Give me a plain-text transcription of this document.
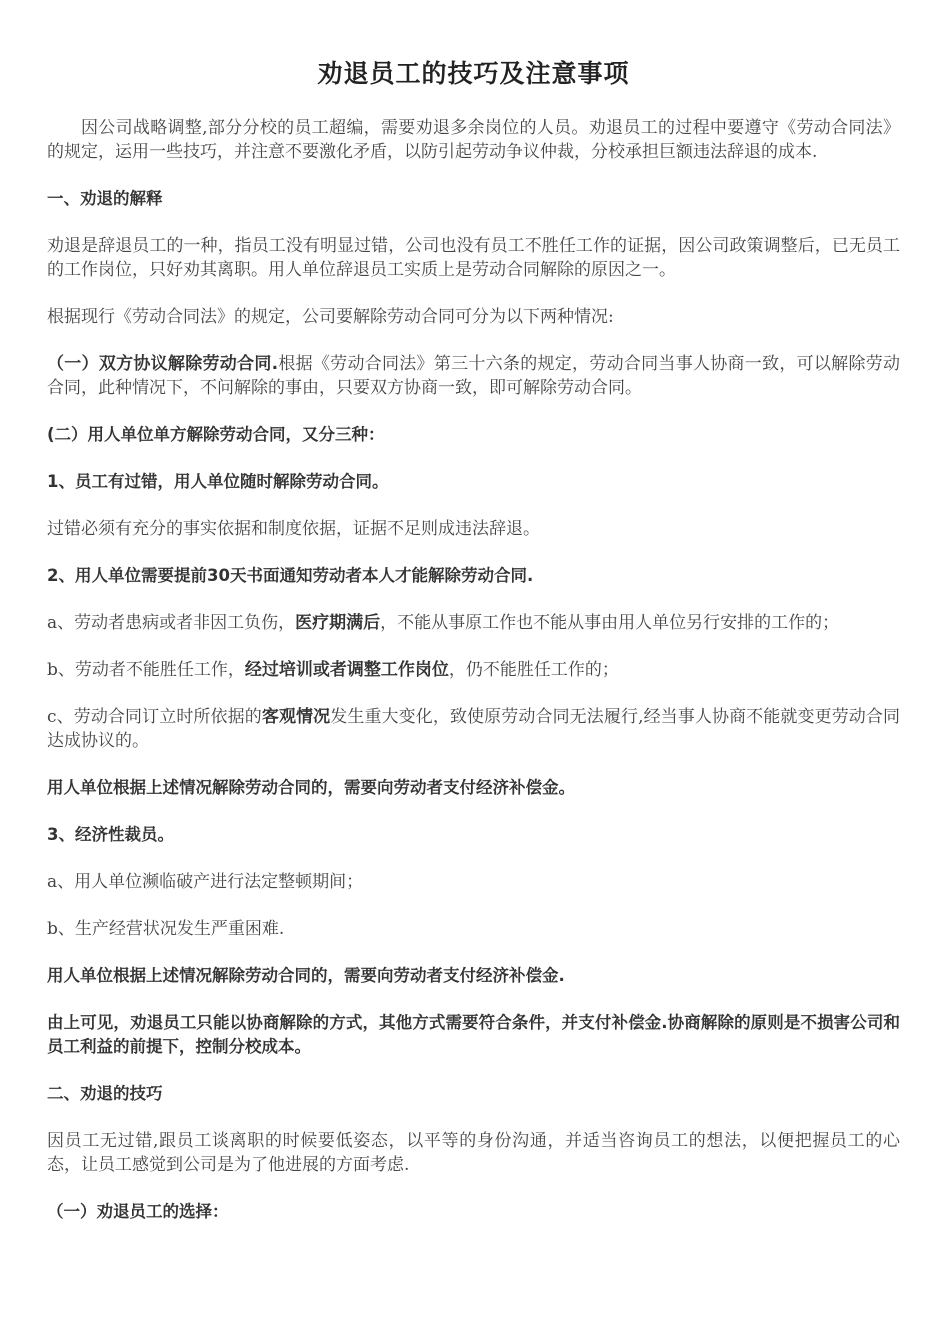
劝退员工的技巧及注意事项

因公司战略调整,部分分校的员工超编，需要劝退多余岗位的人员。劝退员工的过程中要遵守《劳动合同法》的规定，运用一些技巧，并注意不要激化矛盾，以防引起劳动争议仲裁，分校承担巨额违法辞退的成本.

一、劝退的解释

劝退是辞退员工的一种，指员工没有明显过错，公司也没有员工不胜任工作的证据，因公司政策调整后，已无员工的工作岗位，只好劝其离职。用人单位辞退员工实质上是劳动合同解除的原因之一。

根据现行《劳动合同法》的规定，公司要解除劳动合同可分为以下两种情况:

（一）双方协议解除劳动合同.根据《劳动合同法》第三十六条的规定，劳动合同当事人协商一致，可以解除劳动合同，此种情况下，不问解除的事由，只要双方协商一致，即可解除劳动合同。

(二）用人单位单方解除劳动合同，又分三种：

1、员工有过错，用人单位随时解除劳动合同。

过错必须有充分的事实依据和制度依据，证据不足则成违法辞退。

2、用人单位需要提前30天书面通知劳动者本人才能解除劳动合同.

a、劳动者患病或者非因工负伤，医疗期满后，不能从事原工作也不能从事由用人单位另行安排的工作的；

b、劳动者不能胜任工作，经过培训或者调整工作岗位，仍不能胜任工作的；

c、劳动合同订立时所依据的客观情况发生重大变化，致使原劳动合同无法履行,经当事人协商不能就变更劳动合同达成协议的。

用人单位根据上述情况解除劳动合同的，需要向劳动者支付经济补偿金。

3、经济性裁员。

a、用人单位濒临破产进行法定整顿期间；

b、生产经营状况发生严重困难.

用人单位根据上述情况解除劳动合同的，需要向劳动者支付经济补偿金.

由上可见，劝退员工只能以协商解除的方式，其他方式需要符合条件，并支付补偿金.协商解除的原则是不损害公司和员工利益的前提下，控制分校成本。

二、劝退的技巧

因员工无过错,跟员工谈离职的时候要低姿态，以平等的身份沟通，并适当咨询员工的想法，以便把握员工的心态，让员工感觉到公司是为了他进展的方面考虑.

（一）劝退员工的选择：
